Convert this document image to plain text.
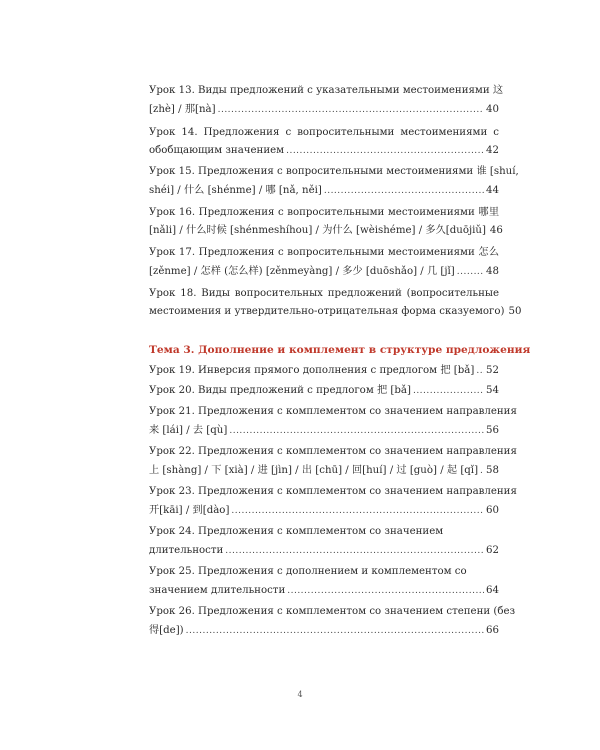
Урок 13. Виды предложений с указательными местоимениями 这
[zhè] / 那[nà] .....	40
Урок 14. Предложения с вопросительными местоимениями с
обобщающим значением .....	42
Урок 15. Предложения с вопросительными местоимениями 谁 [shuí,
shéi] / 什么 [shénme] / 哪 [nǎ, něi] .....	44
Урок 16. Предложения с вопросительными местоимениями 哪里
[nǎli] / 什么时候 [shénmeshíhou] / 为什么 [wèishéme] / 多久[duōjiǔ] 46
Урок 17. Предложения с вопросительными местоимениями 怎么
[zěnme] / 怎样 (怎么样) [zěnmeyàng] / 多少 [duōshǎo] / 几 [jǐ] .....	48
Урок 18. Виды вопросительных предложений (вопросительные
местоимения и утвердительно-отрицательная форма сказуемого) 50
Тема 3. Дополнение и комплемент в структуре предложения
Урок 19. Инверсия прямого дополнения с предлогом 把 [bǎ] ..... 52
Урок 20. Виды предложений с предлогом 把 [bǎ] .....	54
Урок 21. Предложения с комплементом со значением направления
来 [lái] / 去 [qù] .....	56
Урок 22. Предложения с комплементом со значением направления
上 [shàng] / 下 [xià] / 进 [jìn] / 出 [chū] / 回[huí] / 过 [guò] / 起 [qǐ] ..... 58
Урок 23. Предложения с комплементом со значением направления
开[kāi] / 到[dào] .....	60
Урок 24. Предложения с комплементом со значением
длительности .....	62
Урок 25. Предложения с дополнением и комплементом со
значением длительности .....	64
Урок 26. Предложения с комплементом со значением степени (без
得[de]) .....	66
4
